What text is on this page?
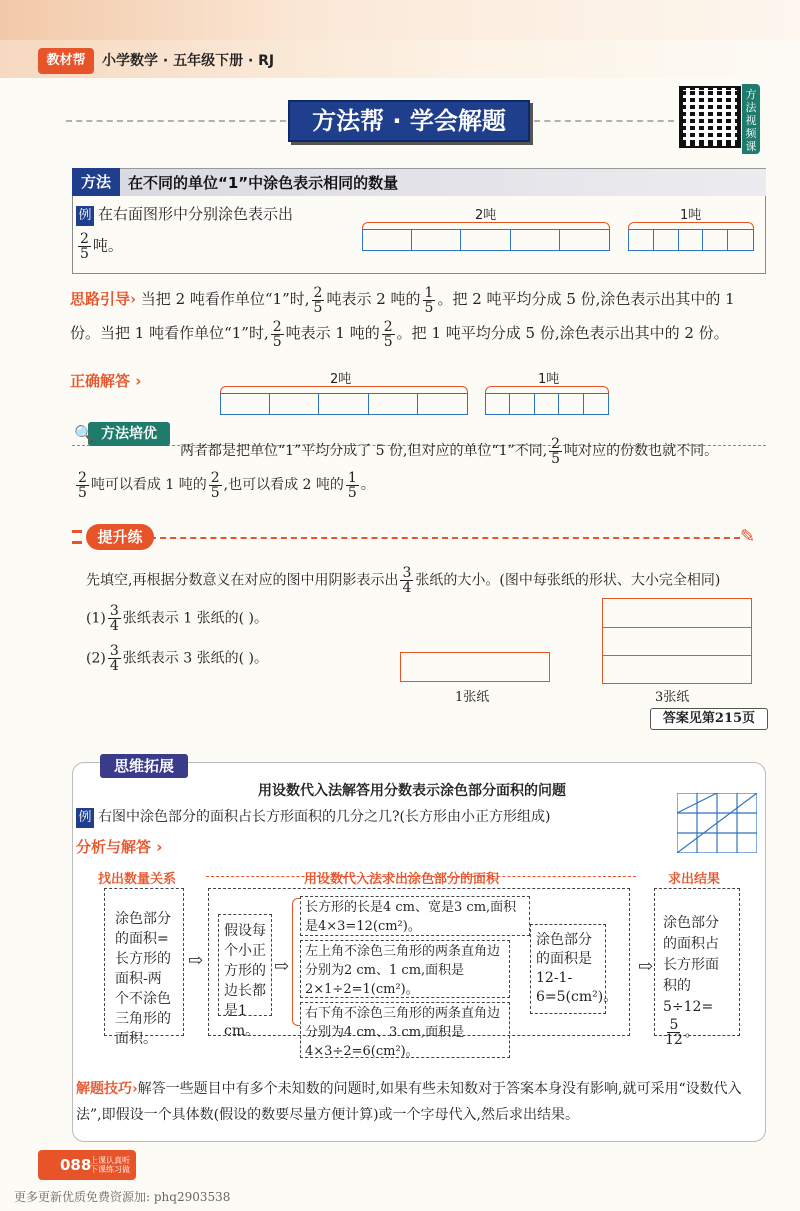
教材帮	小学数学 · 五年级下册 · RJ
方法帮 · 学会解题
方法视频课
方法	在不同的单位“1”中涂色表示相同的数量
例 在右面图形中分别涂色表示出
$\frac{2}{5}$ 吨。
2吨	1吨
思路引导› 当把 2 吨看作单位“1”时, $\frac{2}{5}$ 吨表示 2 吨的 $\frac{1}{5}$ 。把 2 吨平均分成 5 份,涂色表示出其中的 1
份。当把 1 吨看作单位“1”时, $\frac{2}{5}$ 吨表示 1 吨的 $\frac{2}{5}$ 。把 1 吨平均分成 5 份,涂色表示出其中的 2 份。
正确解答 ›	2吨	1吨
方法培优
🔍
两者都是把单位“1”平均分成了 5 份,但对应的单位“1”不同, $\frac{2}{5}$ 吨对应的份数也就不同。

$\frac{2}{5}$ 吨可以看成 1 吨的 $\frac{2}{5}$ ,也可以看成 2 吨的 $\frac{1}{5}$ 。
提升练	✎
先填空,再根据分数意义在对应的图中用阴影表示出 $\frac{3}{4}$ 张纸的大小。(图中每张纸的形状、大小完全相同)
$(1) \frac{3}{4}$ 张纸表示 1 张纸的( )。
$(2) \frac{3}{4}$ 张纸表示 3 张纸的( )。
1张纸	3张纸
答案见第215页
思维拓展
用设数代入法解答用分数表示涂色部分面积的问题
例 右图中涂色部分的面积占长方形面积的几分之几?(长方形由小正方形组成)
分析与解答 ›
找出数量关系	用设数代入法求出涂色部分的面积	求出结果
涂色部分的面积=长方形的面积-两个不涂色三角形的面积。
⇨
假设每个小正方形的边长都是1 cm。
⇨
长方形的长是4 cm、宽是3 cm,面积是4×3=12(cm²)。
左上角不涂色三角形的两条直角边分别为2 cm、1 cm,面积是2×1÷2=1(cm²)。
右下角不涂色三角形的两条直角边分别为4 cm、3 cm,面积是4×3÷2=6(cm²)。
涂色部分的面积是12-1-6=5(cm²)。
⇨
涂色部分的面积占长方形面积的5÷12=
$\frac{5}{12}$ 。
解题技巧›解答一些题目中有多个未知数的问题时,如果有些未知数对于答案本身没有影响,就可采用“设数代入法”,即假设一个具体数(假设的数要尽量方便计算)或一个字母代入,然后求出结果。
088
上课认真听 下课练习做
更多更新优质免费资源加: phq2903538
